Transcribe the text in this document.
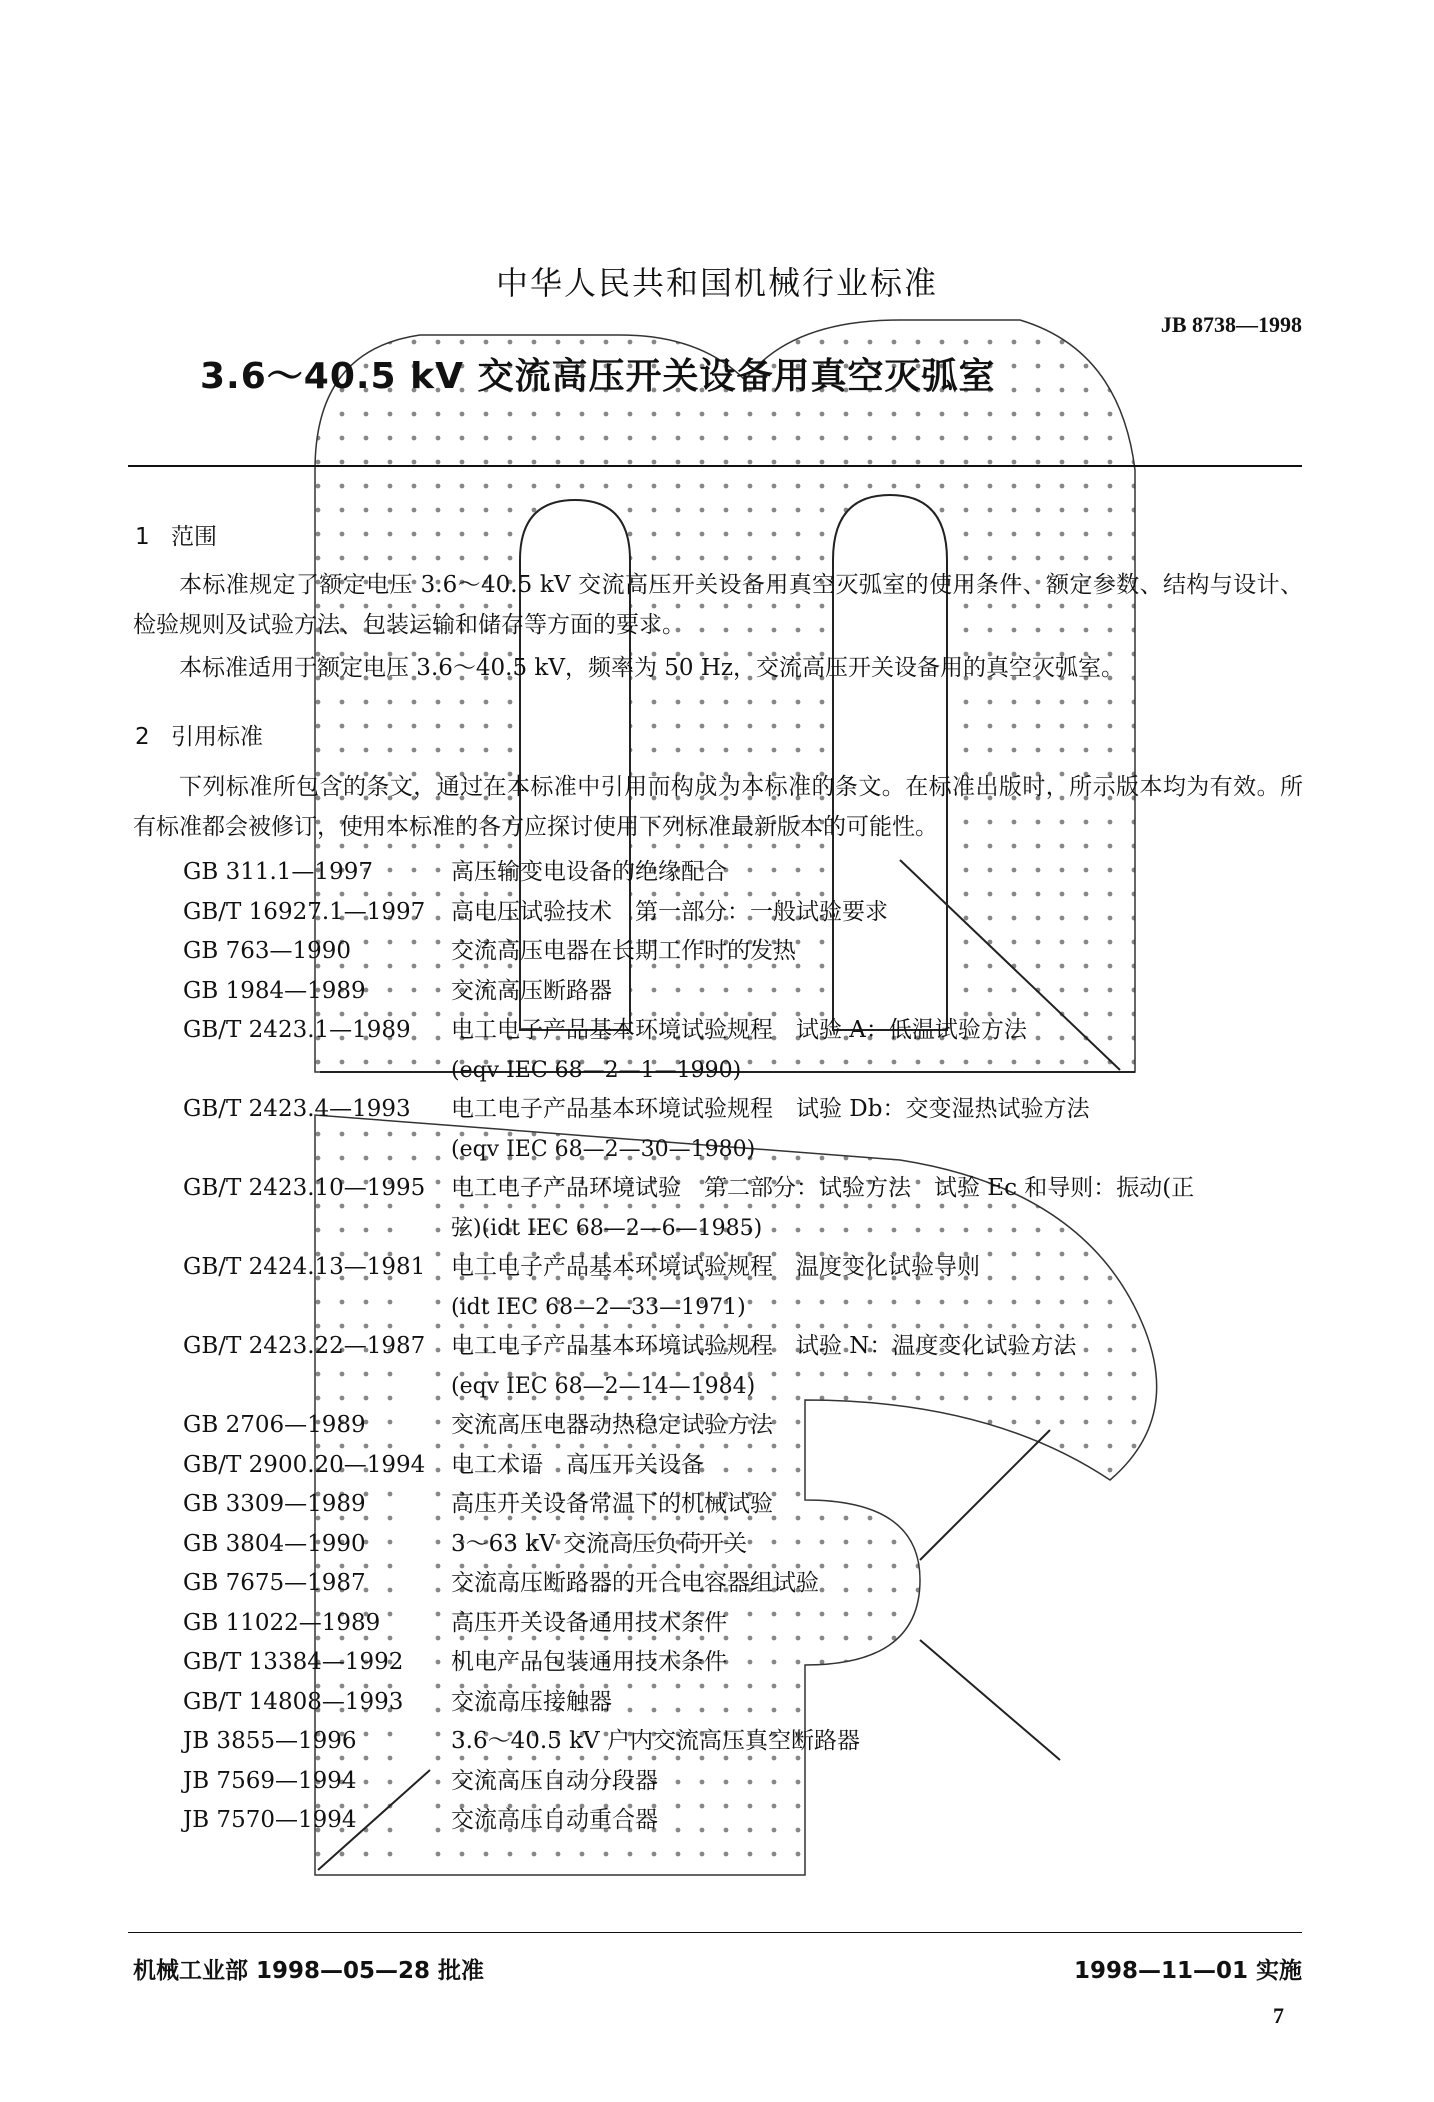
中华人民共和国机械行业标准
JB 8738—1998
3.6～40.5 kV 交流高压开关设备用真空灭弧室
1 范围
本标准规定了额定电压 3.6～40.5 kV 交流高压开关设备用真空灭弧室的使用条件、额定参数、结构与设计、检验规则及试验方法、包装运输和储存等方面的要求。
本标准适用于额定电压 3.6～40.5 kV，频率为 50 Hz，交流高压开关设备用的真空灭弧室。
2 引用标准
下列标准所包含的条文，通过在本标准中引用而构成为本标准的条文。在标准出版时，所示版本均为有效。所有标准都会被修订，使用本标准的各方应探讨使用下列标准最新版本的可能性。
GB 311.1—1997	高压输变电设备的绝缘配合
GB/T 16927.1—1997	高电压试验技术　第一部分：一般试验要求
GB 763—1990	交流高压电器在长期工作时的发热
GB 1984—1989	交流高压断路器
GB/T 2423.1—1989	电工电子产品基本环境试验规程　试验 A：低温试验方法
(eqv IEC 68—2—1—1990)
GB/T 2423.4—1993	电工电子产品基本环境试验规程　试验 Db：交变湿热试验方法
(eqv IEC 68—2—30—1980)
GB/T 2423.10—1995	电工电子产品环境试验　第二部分：试验方法　试验 Ec 和导则：振动(正
弦)(idt IEC 68—2—6—1985)
GB/T 2424.13—1981	电工电子产品基本环境试验规程　温度变化试验导则
(idt IEC 68—2—33—1971)
GB/T 2423.22—1987	电工电子产品基本环境试验规程　试验 N：温度变化试验方法
(eqv IEC 68—2—14—1984)
GB 2706—1989	交流高压电器动热稳定试验方法
GB/T 2900.20—1994	电工术语　高压开关设备
GB 3309—1989	高压开关设备常温下的机械试验
GB 3804—1990	3～63 kV 交流高压负荷开关
GB 7675—1987	交流高压断路器的开合电容器组试验
GB 11022—1989	高压开关设备通用技术条件
GB/T 13384—1992	机电产品包装通用技术条件
GB/T 14808—1993	交流高压接触器
JB 3855—1996	3.6～40.5 kV 户内交流高压真空断路器
JB 7569—1994	交流高压自动分段器
JB 7570—1994	交流高压自动重合器
机械工业部 1998—05—28 批准	1998—11—01 实施
7
